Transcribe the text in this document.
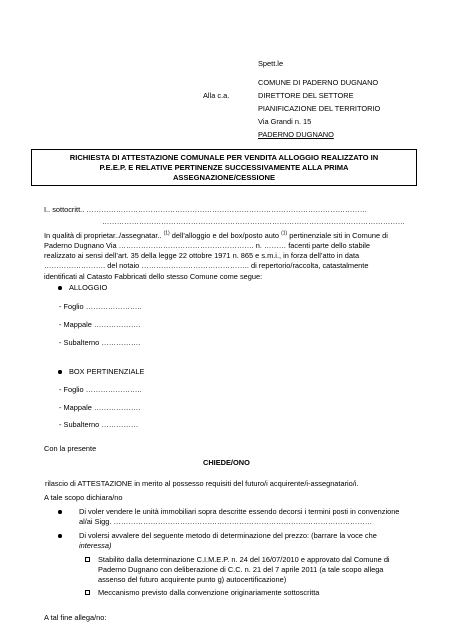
Spett.le
COMUNE DI PADERNO DUGNANO
Alla c.a.	DIRETTORE DEL SETTORE
PIANIFICAZIONE DEL TERRITORIO
Via Grandi n. 15
PADERNO DUGNANO
RICHIESTA DI ATTESTAZIONE COMUNALE PER VENDITA ALLOGGIO REALIZZATO IN
P.E.E.P. E RELATIVE PERTINENZE SUCCESSIVAMENTE ALLA PRIMA
ASSEGNAZIONE/CESSIONE
I.. sottocritt.. ……………………………………………………………………………………………………
……………………………………………………………………………………………………………
In qualità di proprietar../assegnatar.. $^{(1)}$ dell’alloggio e del box/posto auto $^{(1)}$ pertinenziale siti in Comune di
Paderno Dugnano Via ………………………………………………. n. ……… facenti parte dello stabile
realizzato ai sensi dell’art. 35 della legge 22 ottobre 1971 n. 865 e s.m.i., in forza dell’atto in data
……………………. del notaio …………………………………….. di repertorio/raccolta, catastalmente
identificati al Catasto Fabbricati dello stesso Comune come segue:
ALLOGGIO
- Foglio …………………..
- Mappale ……………….
- Subalterno …………….
BOX PERTINENZIALE
- Foglio …………………..
- Mappale ……………….
- Subalterno ……………
Con la presente
CHIEDE/ONO
rilascio di ATTESTAZIONE in merito al possesso requisiti del futuro/i acquirente/i-assegnatario/i.
A tale scopo dichiara/no
Di voler vendere le unità immobiliari sopra descritte essendo decorsi i termini posti in convenzione
al/ai Sigg. ……………………………………………………………………………………………
Di volersi avvalere del seguente metodo di determinazione del prezzo: (barrare la voce che
interessa)
Stabilito dalla determinazione C.I.M.E.P. n. 24 del 16/07/2010 e approvato dal Comune di
Paderno Dugnano con deliberazione di C.C. n. 21 del 7 aprile 2011 (a tale scopo allega
assenso del futuro acquirente punto g) autocertificazione)
Meccanismo previsto dalla convenzione originariamente sottoscritta
A tal fine allega/no:
